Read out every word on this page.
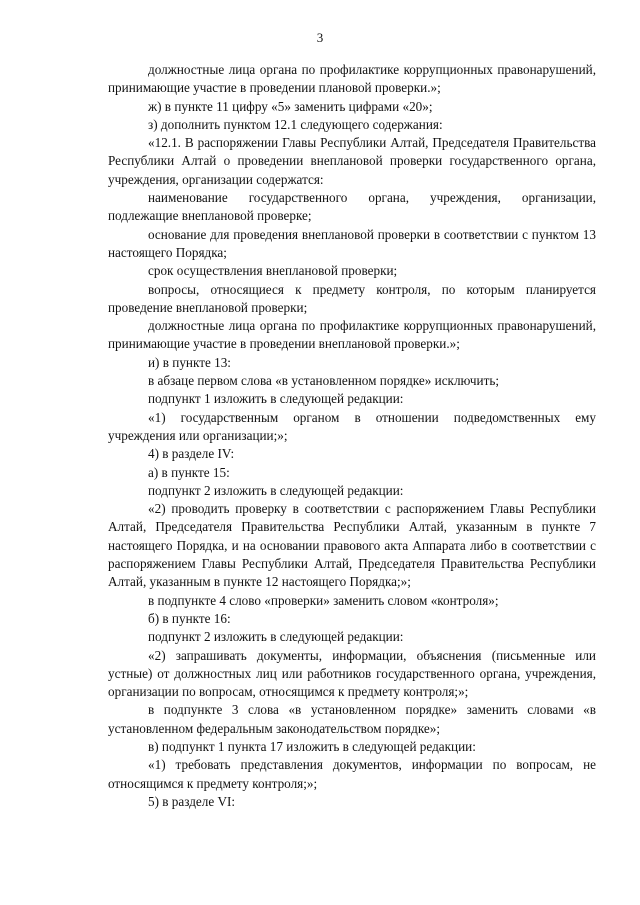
3

должностные лица органа по профилактике коррупционных правонарушений, принимающие участие в проведении плановой проверки.»;

ж) в пункте 11 цифру «5» заменить цифрами «20»;

з) дополнить пунктом 12.1 следующего содержания:

«12.1. В распоряжении Главы Республики Алтай, Председателя Правительства Республики Алтай о проведении внеплановой проверки государственного органа, учреждения, организации содержатся:

наименование государственного органа, учреждения, организации, подлежащие внеплановой проверке;

основание для проведения внеплановой проверки в соответствии с пунктом 13 настоящего Порядка;

срок осуществления внеплановой проверки;

вопросы, относящиеся к предмету контроля, по которым планируется проведение внеплановой проверки;

должностные лица органа по профилактике коррупционных правонарушений, принимающие участие в проведении внеплановой проверки.»;

и) в пункте 13:

в абзаце первом слова «в установленном порядке» исключить;

подпункт 1 изложить в следующей редакции:

«1) государственным органом в отношении подведомственных ему учреждения или организации;»;

4) в разделе IV:

а) в пункте 15:

подпункт 2 изложить в следующей редакции:

«2) проводить проверку в соответствии с распоряжением Главы Республики Алтай, Председателя Правительства Республики Алтай, указанным в пункте 7 настоящего Порядка, и на основании правового акта Аппарата либо в соответствии с распоряжением Главы Республики Алтай, Председателя Правительства Республики Алтай, указанным в пункте 12 настоящего Порядка;»;

в подпункте 4 слово «проверки» заменить словом «контроля»;

б) в пункте 16:

подпункт 2 изложить в следующей редакции:

«2) запрашивать документы, информации, объяснения (письменные или устные) от должностных лиц или работников государственного органа, учреждения, организации по вопросам, относящимся к предмету контроля;»;

в подпункте 3 слова «в установленном порядке» заменить словами «в установленном федеральным законодательством порядке»;

в) подпункт 1 пункта 17 изложить в следующей редакции:

«1) требовать представления документов, информации по вопросам, не относящимся к предмету контроля;»;

5) в разделе VI:
